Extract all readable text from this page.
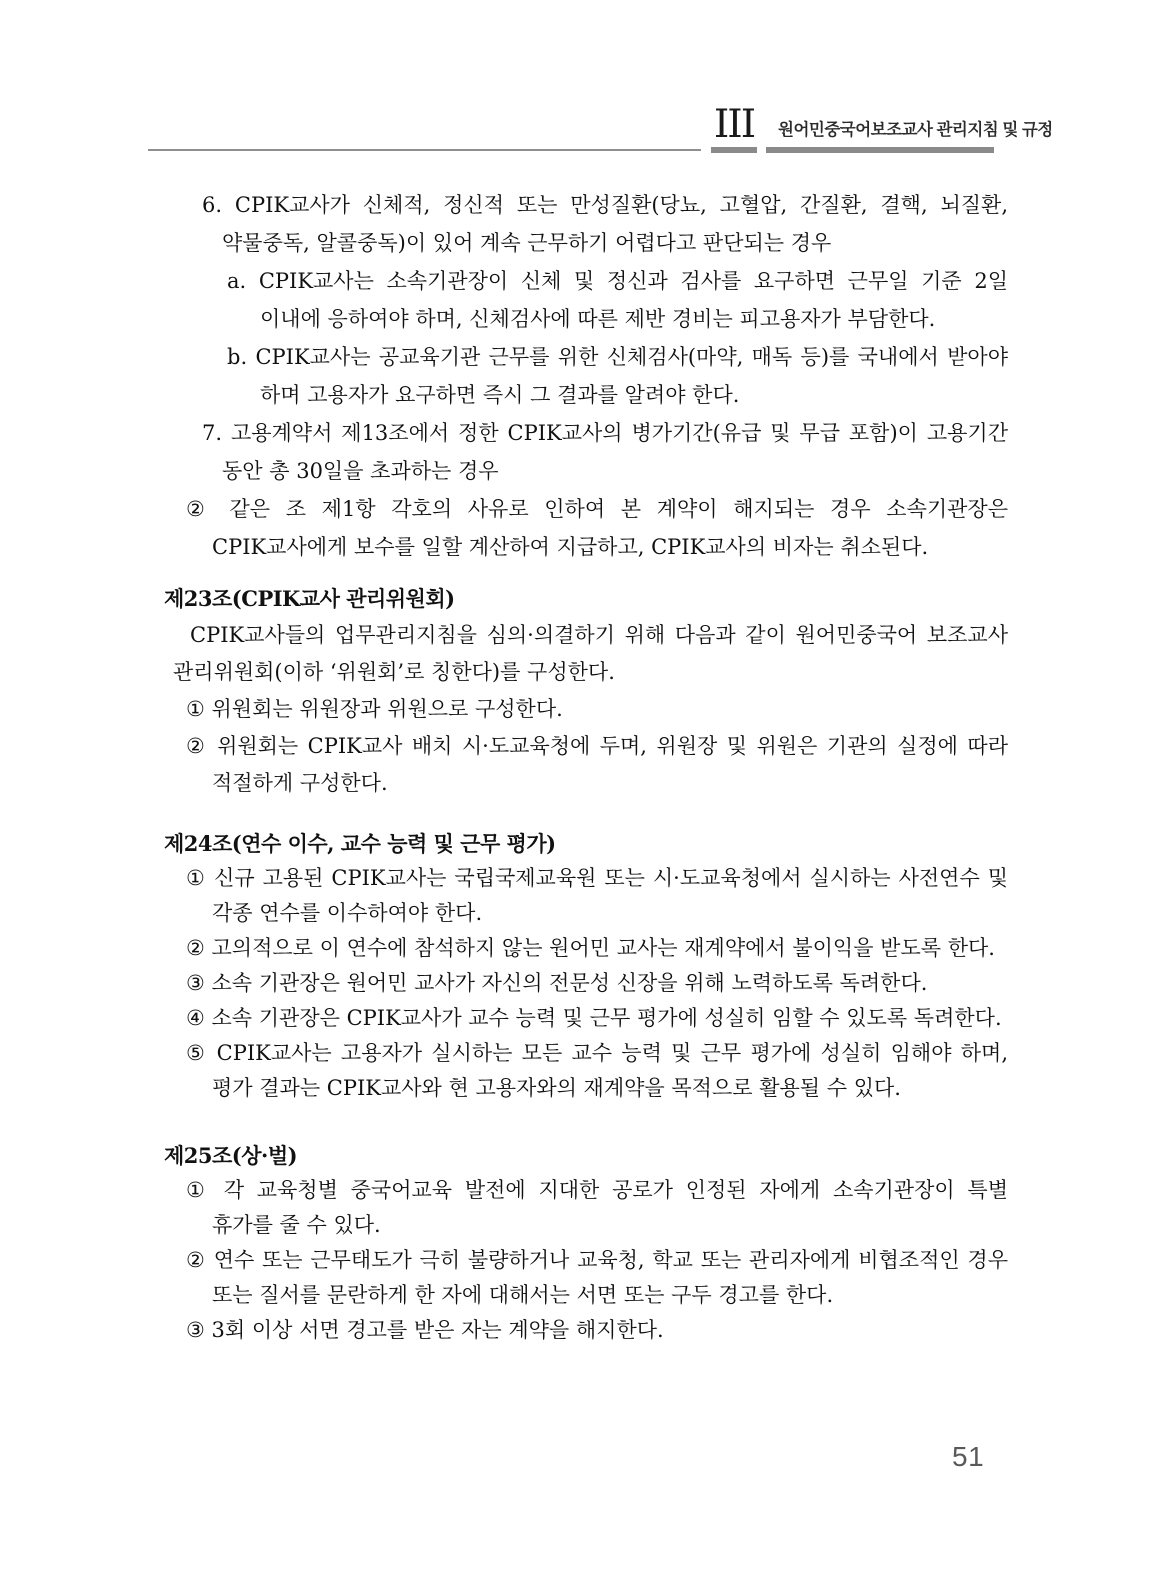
III 원어민중국어보조교사 관리지침 및 규정

6. CPIK교사가 신체적, 정신적 또는 만성질환(당뇨, 고혈압, 간질환, 결핵, 뇌질환, 약물중독, 알콜중독)이 있어 계속 근무하기 어렵다고 판단되는 경우

a. CPIK교사는 소속기관장이 신체 및 정신과 검사를 요구하면 근무일 기준 2일 이내에 응하여야 하며, 신체검사에 따른 제반 경비는 피고용자가 부담한다.

b. CPIK교사는 공교육기관 근무를 위한 신체검사(마약, 매독 등)를 국내에서 받아야 하며 고용자가 요구하면 즉시 그 결과를 알려야 한다.

7. 고용계약서 제13조에서 정한 CPIK교사의 병가기간(유급 및 무급 포함)이 고용기간 동안 총 30일을 초과하는 경우

② 같은 조 제1항 각호의 사유로 인하여 본 계약이 해지되는 경우 소속기관장은 CPIK교사에게 보수를 일할 계산하여 지급하고, CPIK교사의 비자는 취소된다.

제23조(CPIK교사 관리위원회)

CPIK교사들의 업무관리지침을 심의·의결하기 위해 다음과 같이 원어민중국어 보조교사 관리위원회(이하 ‘위원회’로 칭한다)를 구성한다.

① 위원회는 위원장과 위원으로 구성한다.

② 위원회는 CPIK교사 배치 시·도교육청에 두며, 위원장 및 위원은 기관의 실정에 따라 적절하게 구성한다.

제24조(연수 이수, 교수 능력 및 근무 평가)

① 신규 고용된 CPIK교사는 국립국제교육원 또는 시·도교육청에서 실시하는 사전연수 및 각종 연수를 이수하여야 한다.

② 고의적으로 이 연수에 참석하지 않는 원어민 교사는 재계약에서 불이익을 받도록 한다.

③ 소속 기관장은 원어민 교사가 자신의 전문성 신장을 위해 노력하도록 독려한다.

④ 소속 기관장은 CPIK교사가 교수 능력 및 근무 평가에 성실히 임할 수 있도록 독려한다.

⑤ CPIK교사는 고용자가 실시하는 모든 교수 능력 및 근무 평가에 성실히 임해야 하며, 평가 결과는 CPIK교사와 현 고용자와의 재계약을 목적으로 활용될 수 있다.

제25조(상·벌)

① 각 교육청별 중국어교육 발전에 지대한 공로가 인정된 자에게 소속기관장이 특별 휴가를 줄 수 있다.

② 연수 또는 근무태도가 극히 불량하거나 교육청, 학교 또는 관리자에게 비협조적인 경우 또는 질서를 문란하게 한 자에 대해서는 서면 또는 구두 경고를 한다.

③ 3회 이상 서면 경고를 받은 자는 계약을 해지한다.

51
